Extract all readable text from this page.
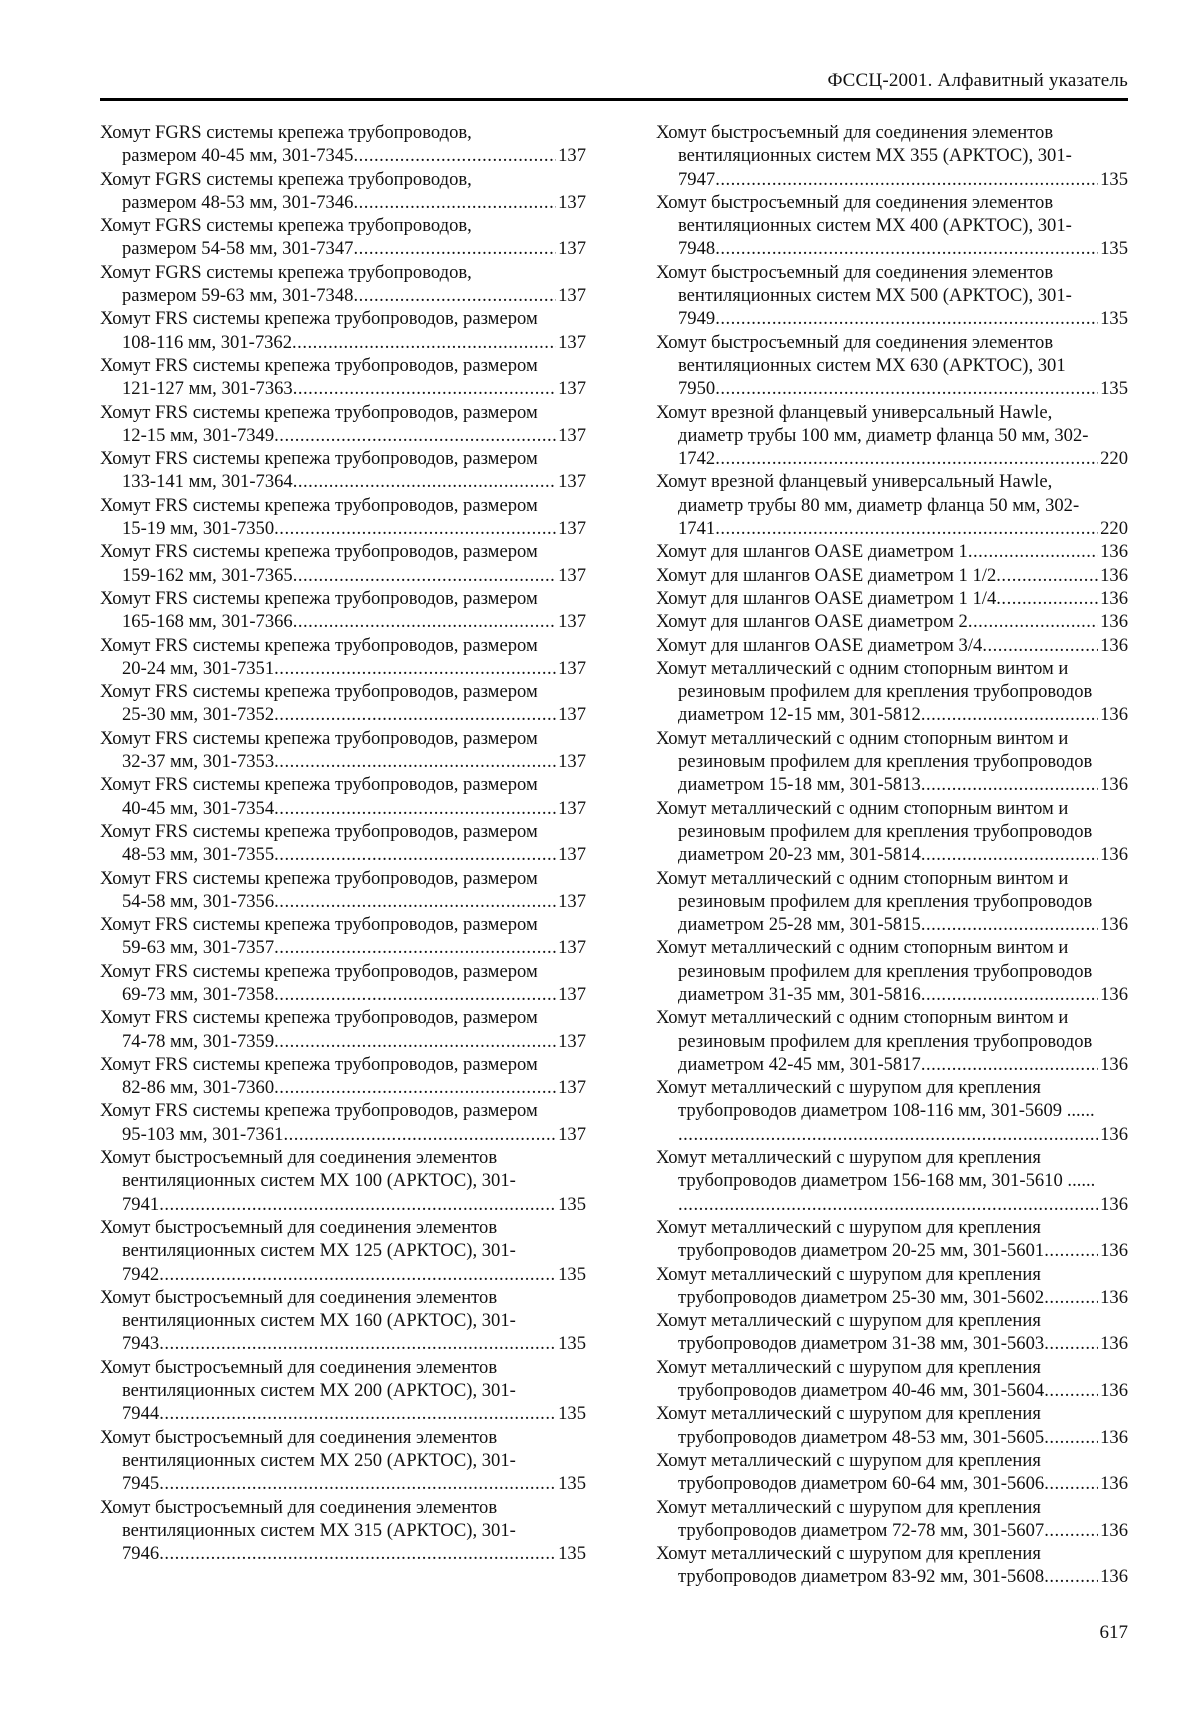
ФССЦ-2001. Алфавитный указатель
Хомут FGRS системы крепежа трубопроводов,
размером 40-45 мм, 301-7345 .....	137
Хомут FGRS системы крепежа трубопроводов,
размером 48-53 мм, 301-7346 .....	137
Хомут FGRS системы крепежа трубопроводов,
размером 54-58 мм, 301-7347 .....	137
Хомут FGRS системы крепежа трубопроводов,
размером 59-63 мм, 301-7348 .....	137
Хомут FRS системы крепежа трубопроводов, размером
108-116 мм, 301-7362 .....	137
Хомут FRS системы крепежа трубопроводов, размером
121-127 мм, 301-7363 .....	137
Хомут FRS системы крепежа трубопроводов, размером
12-15 мм, 301-7349 .....	137
Хомут FRS системы крепежа трубопроводов, размером
133-141 мм, 301-7364 .....	137
Хомут FRS системы крепежа трубопроводов, размером
15-19 мм, 301-7350 .....	137
Хомут FRS системы крепежа трубопроводов, размером
159-162 мм, 301-7365 .....	137
Хомут FRS системы крепежа трубопроводов, размером
165-168 мм, 301-7366 .....	137
Хомут FRS системы крепежа трубопроводов, размером
20-24 мм, 301-7351 .....	137
Хомут FRS системы крепежа трубопроводов, размером
25-30 мм, 301-7352 .....	137
Хомут FRS системы крепежа трубопроводов, размером
32-37 мм, 301-7353 .....	137
Хомут FRS системы крепежа трубопроводов, размером
40-45 мм, 301-7354 .....	137
Хомут FRS системы крепежа трубопроводов, размером
48-53 мм, 301-7355 .....	137
Хомут FRS системы крепежа трубопроводов, размером
54-58 мм, 301-7356 .....	137
Хомут FRS системы крепежа трубопроводов, размером
59-63 мм, 301-7357 .....	137
Хомут FRS системы крепежа трубопроводов, размером
69-73 мм, 301-7358 .....	137
Хомут FRS системы крепежа трубопроводов, размером
74-78 мм, 301-7359 .....	137
Хомут FRS системы крепежа трубопроводов, размером
82-86 мм, 301-7360 .....	137
Хомут FRS системы крепежа трубопроводов, размером
95-103 мм, 301-7361 .....	137
Хомут быстросъемный для соединения элементов
вентиляционных систем МХ 100 (АРКТОС), 301-
7941 .....	135
Хомут быстросъемный для соединения элементов
вентиляционных систем МХ 125 (АРКТОС), 301-
7942 .....	135
Хомут быстросъемный для соединения элементов
вентиляционных систем МХ 160 (АРКТОС), 301-
7943 .....	135
Хомут быстросъемный для соединения элементов
вентиляционных систем МХ 200 (АРКТОС), 301-
7944 .....	135
Хомут быстросъемный для соединения элементов
вентиляционных систем МХ 250 (АРКТОС), 301-
7945 .....	135
Хомут быстросъемный для соединения элементов
вентиляционных систем МХ 315 (АРКТОС), 301-
7946 .....	135
Хомут быстросъемный для соединения элементов
вентиляционных систем МХ 355 (АРКТОС), 301-
7947 .....	135
Хомут быстросъемный для соединения элементов
вентиляционных систем МХ 400 (АРКТОС), 301-
7948 .....	135
Хомут быстросъемный для соединения элементов
вентиляционных систем МХ 500 (АРКТОС), 301-
7949 .....	135
Хомут быстросъемный для соединения элементов
вентиляционных систем МХ 630 (АРКТОС), 301
7950 .....	135
Хомут врезной фланцевый универсальный Hawle,
диаметр трубы 100 мм, диаметр фланца 50 мм, 302-
1742 .....	220
Хомут врезной фланцевый универсальный Hawle,
диаметр трубы 80 мм, диаметр фланца 50 мм, 302-
1741 .....	220
Хомут для шлангов OASE диаметром 1 .....	136
Хомут для шлангов OASE диаметром 1 1/2 .....	136
Хомут для шлангов OASE диаметром 1 1/4 .....	136
Хомут для шлангов OASE диаметром 2 .....	136
Хомут для шлангов OASE диаметром 3/4 .....	136
Хомут металлический с одним стопорным винтом и
резиновым профилем для крепления трубопроводов
диаметром 12-15 мм, 301-5812 .....	136
Хомут металлический с одним стопорным винтом и
резиновым профилем для крепления трубопроводов
диаметром 15-18 мм, 301-5813 .....	136
Хомут металлический с одним стопорным винтом и
резиновым профилем для крепления трубопроводов
диаметром 20-23 мм, 301-5814 .....	136
Хомут металлический с одним стопорным винтом и
резиновым профилем для крепления трубопроводов
диаметром 25-28 мм, 301-5815 .....	136
Хомут металлический с одним стопорным винтом и
резиновым профилем для крепления трубопроводов
диаметром 31-35 мм, 301-5816 .....	136
Хомут металлический с одним стопорным винтом и
резиновым профилем для крепления трубопроводов
диаметром 42-45 мм, 301-5817 .....	136
Хомут металлический с шурупом для крепления
трубопроводов диаметром 108-116 мм, 301-5609 ......
.....
136
Хомут металлический с шурупом для крепления
трубопроводов диаметром 156-168 мм, 301-5610 ......
.....
136
Хомут металлический с шурупом для крепления
трубопроводов диаметром 20-25 мм, 301-5601 .....	136
Хомут металлический с шурупом для крепления
трубопроводов диаметром 25-30 мм, 301-5602 .....	136
Хомут металлический с шурупом для крепления
трубопроводов диаметром 31-38 мм, 301-5603 .....	136
Хомут металлический с шурупом для крепления
трубопроводов диаметром 40-46 мм, 301-5604 .....	136
Хомут металлический с шурупом для крепления
трубопроводов диаметром 48-53 мм, 301-5605 .....	136
Хомут металлический с шурупом для крепления
трубопроводов диаметром 60-64 мм, 301-5606 .....	136
Хомут металлический с шурупом для крепления
трубопроводов диаметром 72-78 мм, 301-5607 .....	136
Хомут металлический с шурупом для крепления
трубопроводов диаметром 83-92 мм, 301-5608 .....	136
617
